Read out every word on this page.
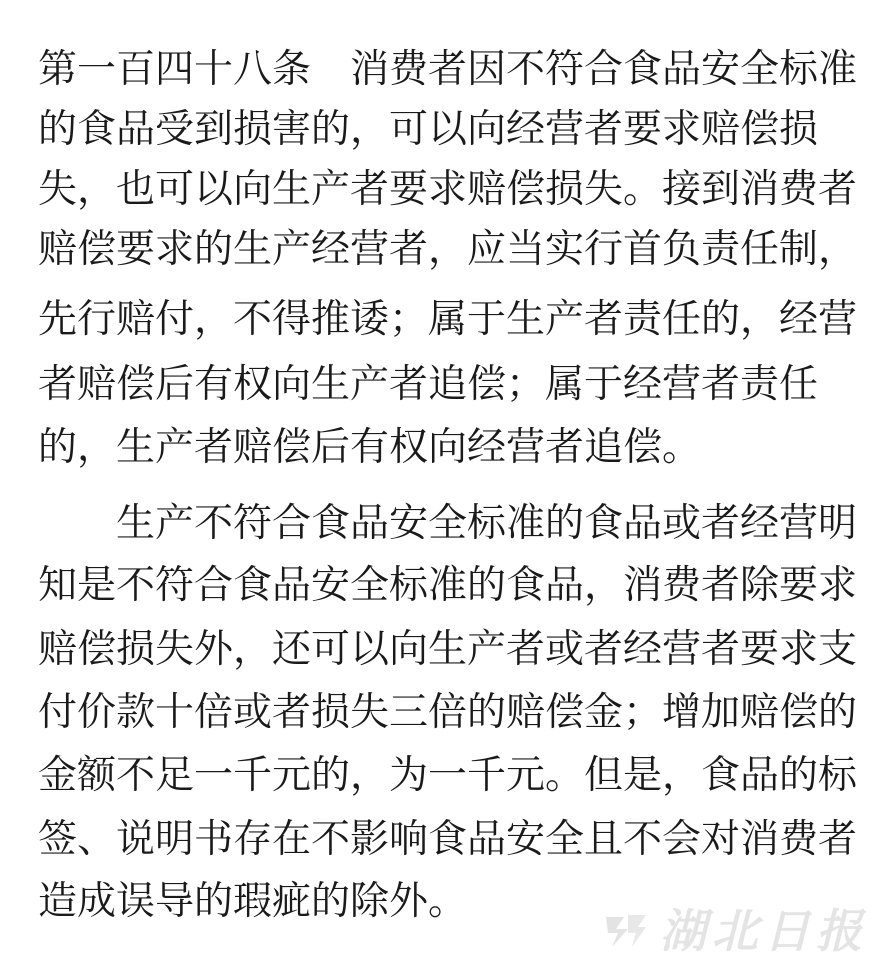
第一百四十八条　消费者因不符合食品安全标准
的食品受到损害的，可以向经营者要求赔偿损
失，也可以向生产者要求赔偿损失。接到消费者
赔偿要求的生产经营者，应当实行首负责任制，
先行赔付，不得推诿；属于生产者责任的，经营
者赔偿后有权向生产者追偿；属于经营者责任
的，生产者赔偿后有权向经营者追偿。
生产不符合食品安全标准的食品或者经营明
知是不符合食品安全标准的食品，消费者除要求
赔偿损失外，还可以向生产者或者经营者要求支
付价款十倍或者损失三倍的赔偿金；增加赔偿的
金额不足一千元的，为一千元。但是，食品的标
签、说明书存在不影响食品安全且不会对消费者
造成误导的瑕疵的除外。
湖北日报
